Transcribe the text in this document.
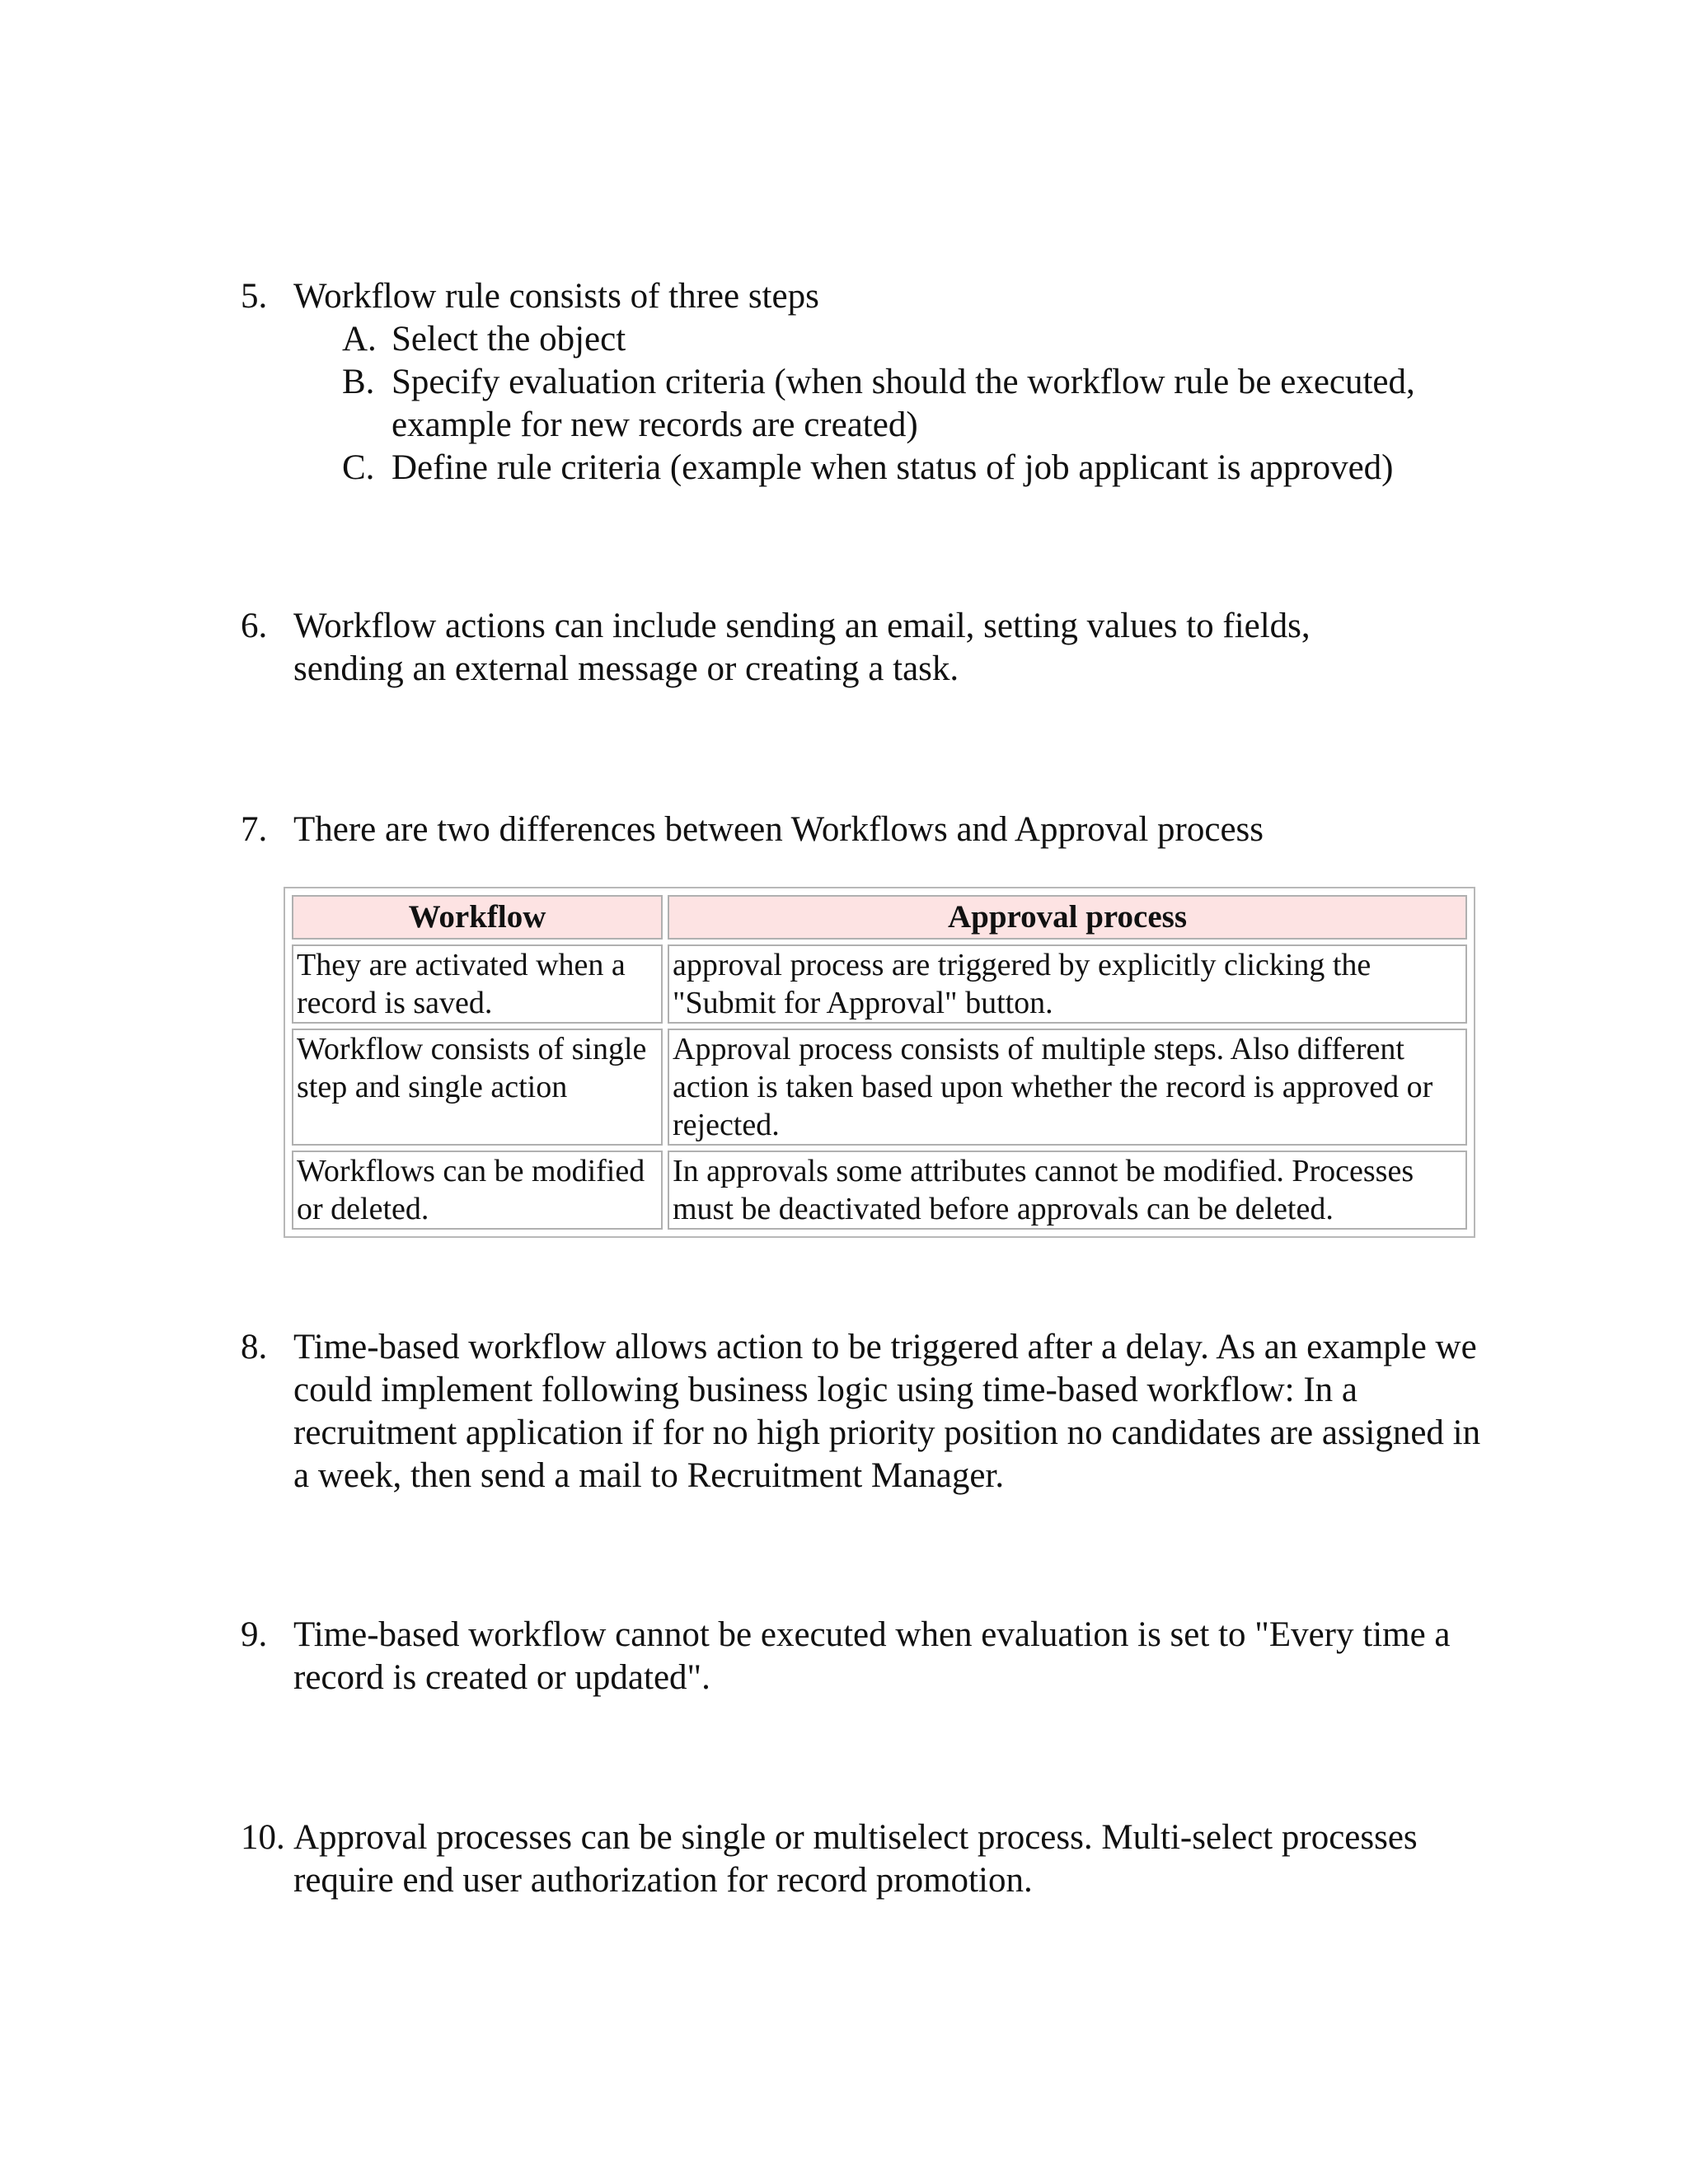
5. Workflow rule consists of three steps
A. Select the object
B. Specify evaluation criteria (when should the workflow rule be executed, example for new records are created)
C. Define rule criteria (example when status of job applicant is approved)
6. Workflow actions can include sending an email, setting values to fields, sending an external message or creating a task.
7. There are two differences between Workflows and Approval process
Workflow	Approval process
They are activated when a record is saved.	approval process are triggered by explicitly clicking the "Submit for Approval" button.
Workflow consists of single step and single action	Approval process consists of multiple steps. Also different action is taken based upon whether the record is approved or rejected.
Workflows can be modified or deleted.	In approvals some attributes cannot be modified. Processes must be deactivated before approvals can be deleted.
8. Time-based workflow allows action to be triggered after a delay. As an example we could implement following business logic using time-based workflow: In a recruitment application if for no high priority position no candidates are assigned in a week, then send a mail to Recruitment Manager.
9. Time-based workflow cannot be executed when evaluation is set to "Every time a record is created or updated".
10. Approval processes can be single or multiselect process. Multi-select processes require end user authorization for record promotion.
